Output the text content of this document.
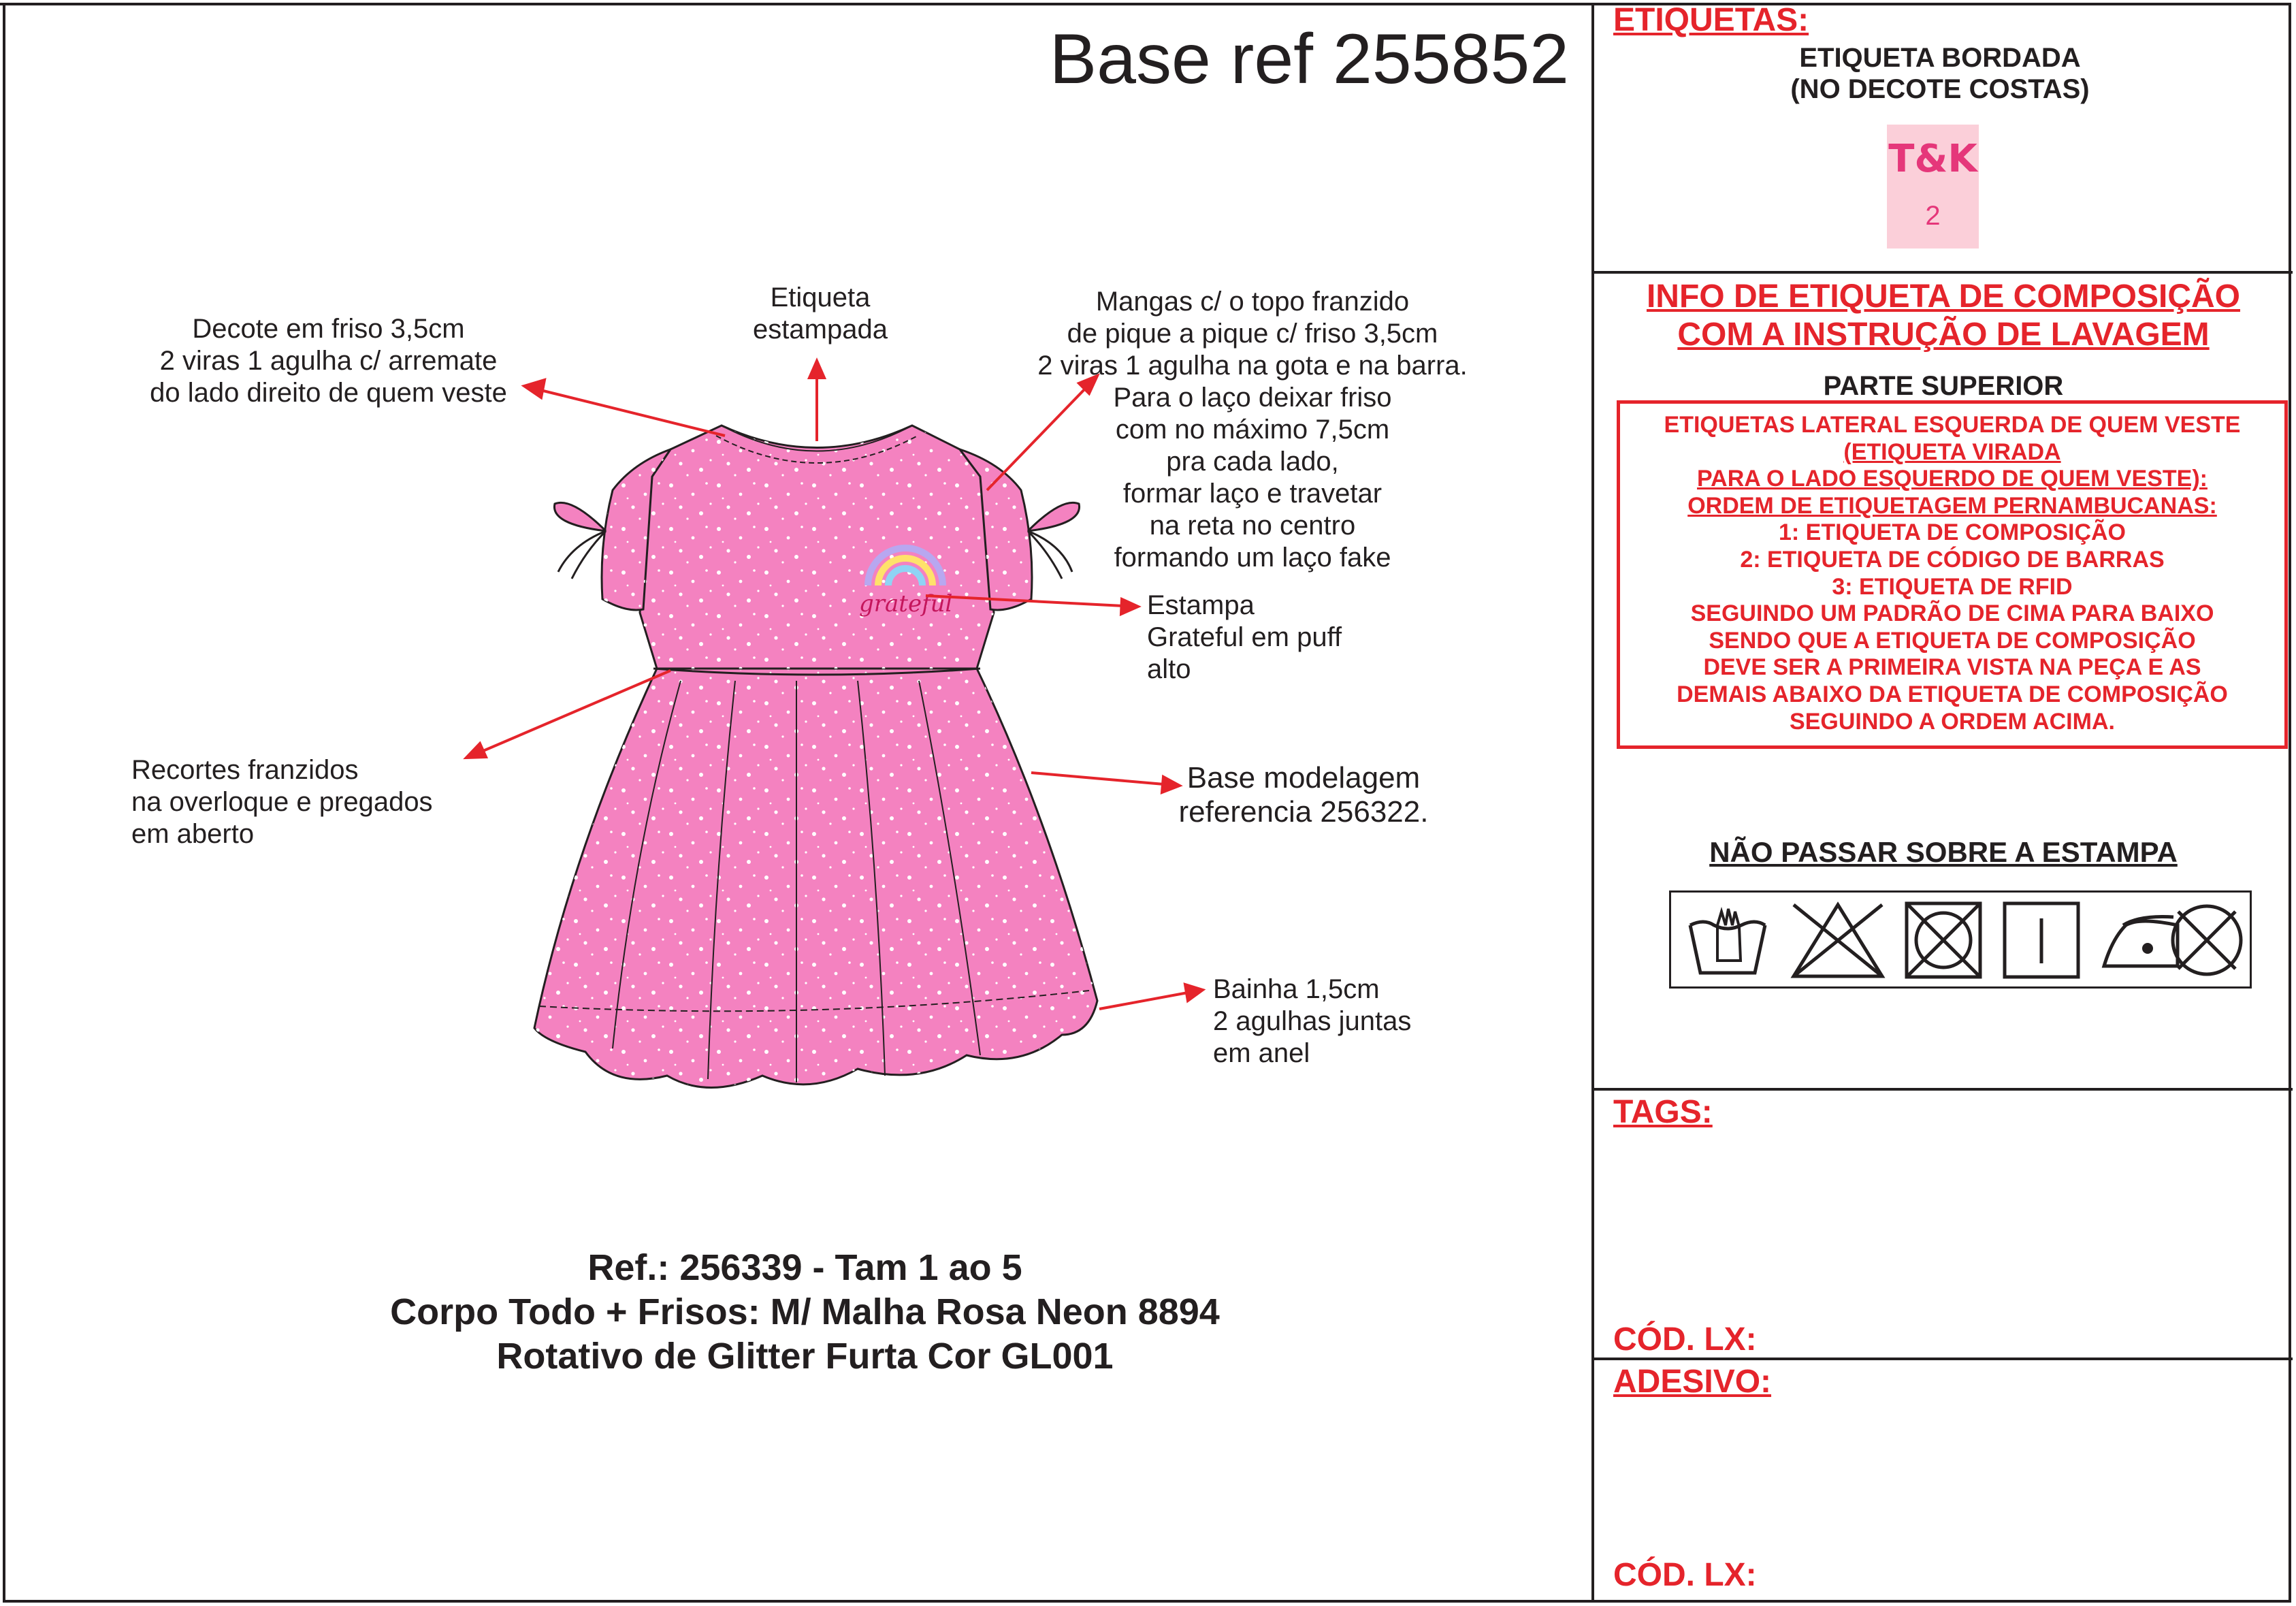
Base ref 255852
grateful
Decote em friso 3,5cm
2 viras 1 agulha c/ arremate
do lado direito de quem veste
Etiqueta
estampada
Mangas c/ o topo franzido
de pique a pique c/ friso 3,5cm
2 viras 1 agulha na gota e na barra.
Para o laço deixar friso
com no máximo 7,5cm
pra cada lado,
formar laço e travetar
na reta no centro
formando um laço fake
Estampa
Grateful em puff
alto
Recortes franzidos
na overloque e pregados
em aberto
Base modelagem
referencia 256322.
Bainha 1,5cm
2 agulhas juntas
em anel
Ref.: 256339 - Tam 1 ao 5
Corpo Todo + Frisos: M/ Malha Rosa Neon 8894
Rotativo de Glitter Furta Cor GL001
ETIQUETAS:
ETIQUETA BORDADA
(NO DECOTE COSTAS)
T&K
2
INFO DE ETIQUETA DE COMPOSIÇÃO
COM A INSTRUÇÃO DE LAVAGEM
PARTE SUPERIOR
ETIQUETAS LATERAL ESQUERDA DE QUEM VESTE
(ETIQUETA VIRADA
PARA O LADO ESQUERDO DE QUEM VESTE):
ORDEM DE ETIQUETAGEM PERNAMBUCANAS:
1: ETIQUETA DE COMPOSIÇÃO
2: ETIQUETA DE CÓDIGO DE BARRAS
3: ETIQUETA DE RFID
SEGUINDO UM PADRÃO DE CIMA PARA BAIXO
SENDO QUE A ETIQUETA DE COMPOSIÇÃO
DEVE SER A PRIMEIRA VISTA NA PEÇA E AS
DEMAIS ABAIXO DA ETIQUETA DE COMPOSIÇÃO
SEGUINDO A ORDEM ACIMA.
NÃO PASSAR SOBRE A ESTAMPA
TAGS:
CÓD. LX:
ADESIVO:
CÓD. LX:
